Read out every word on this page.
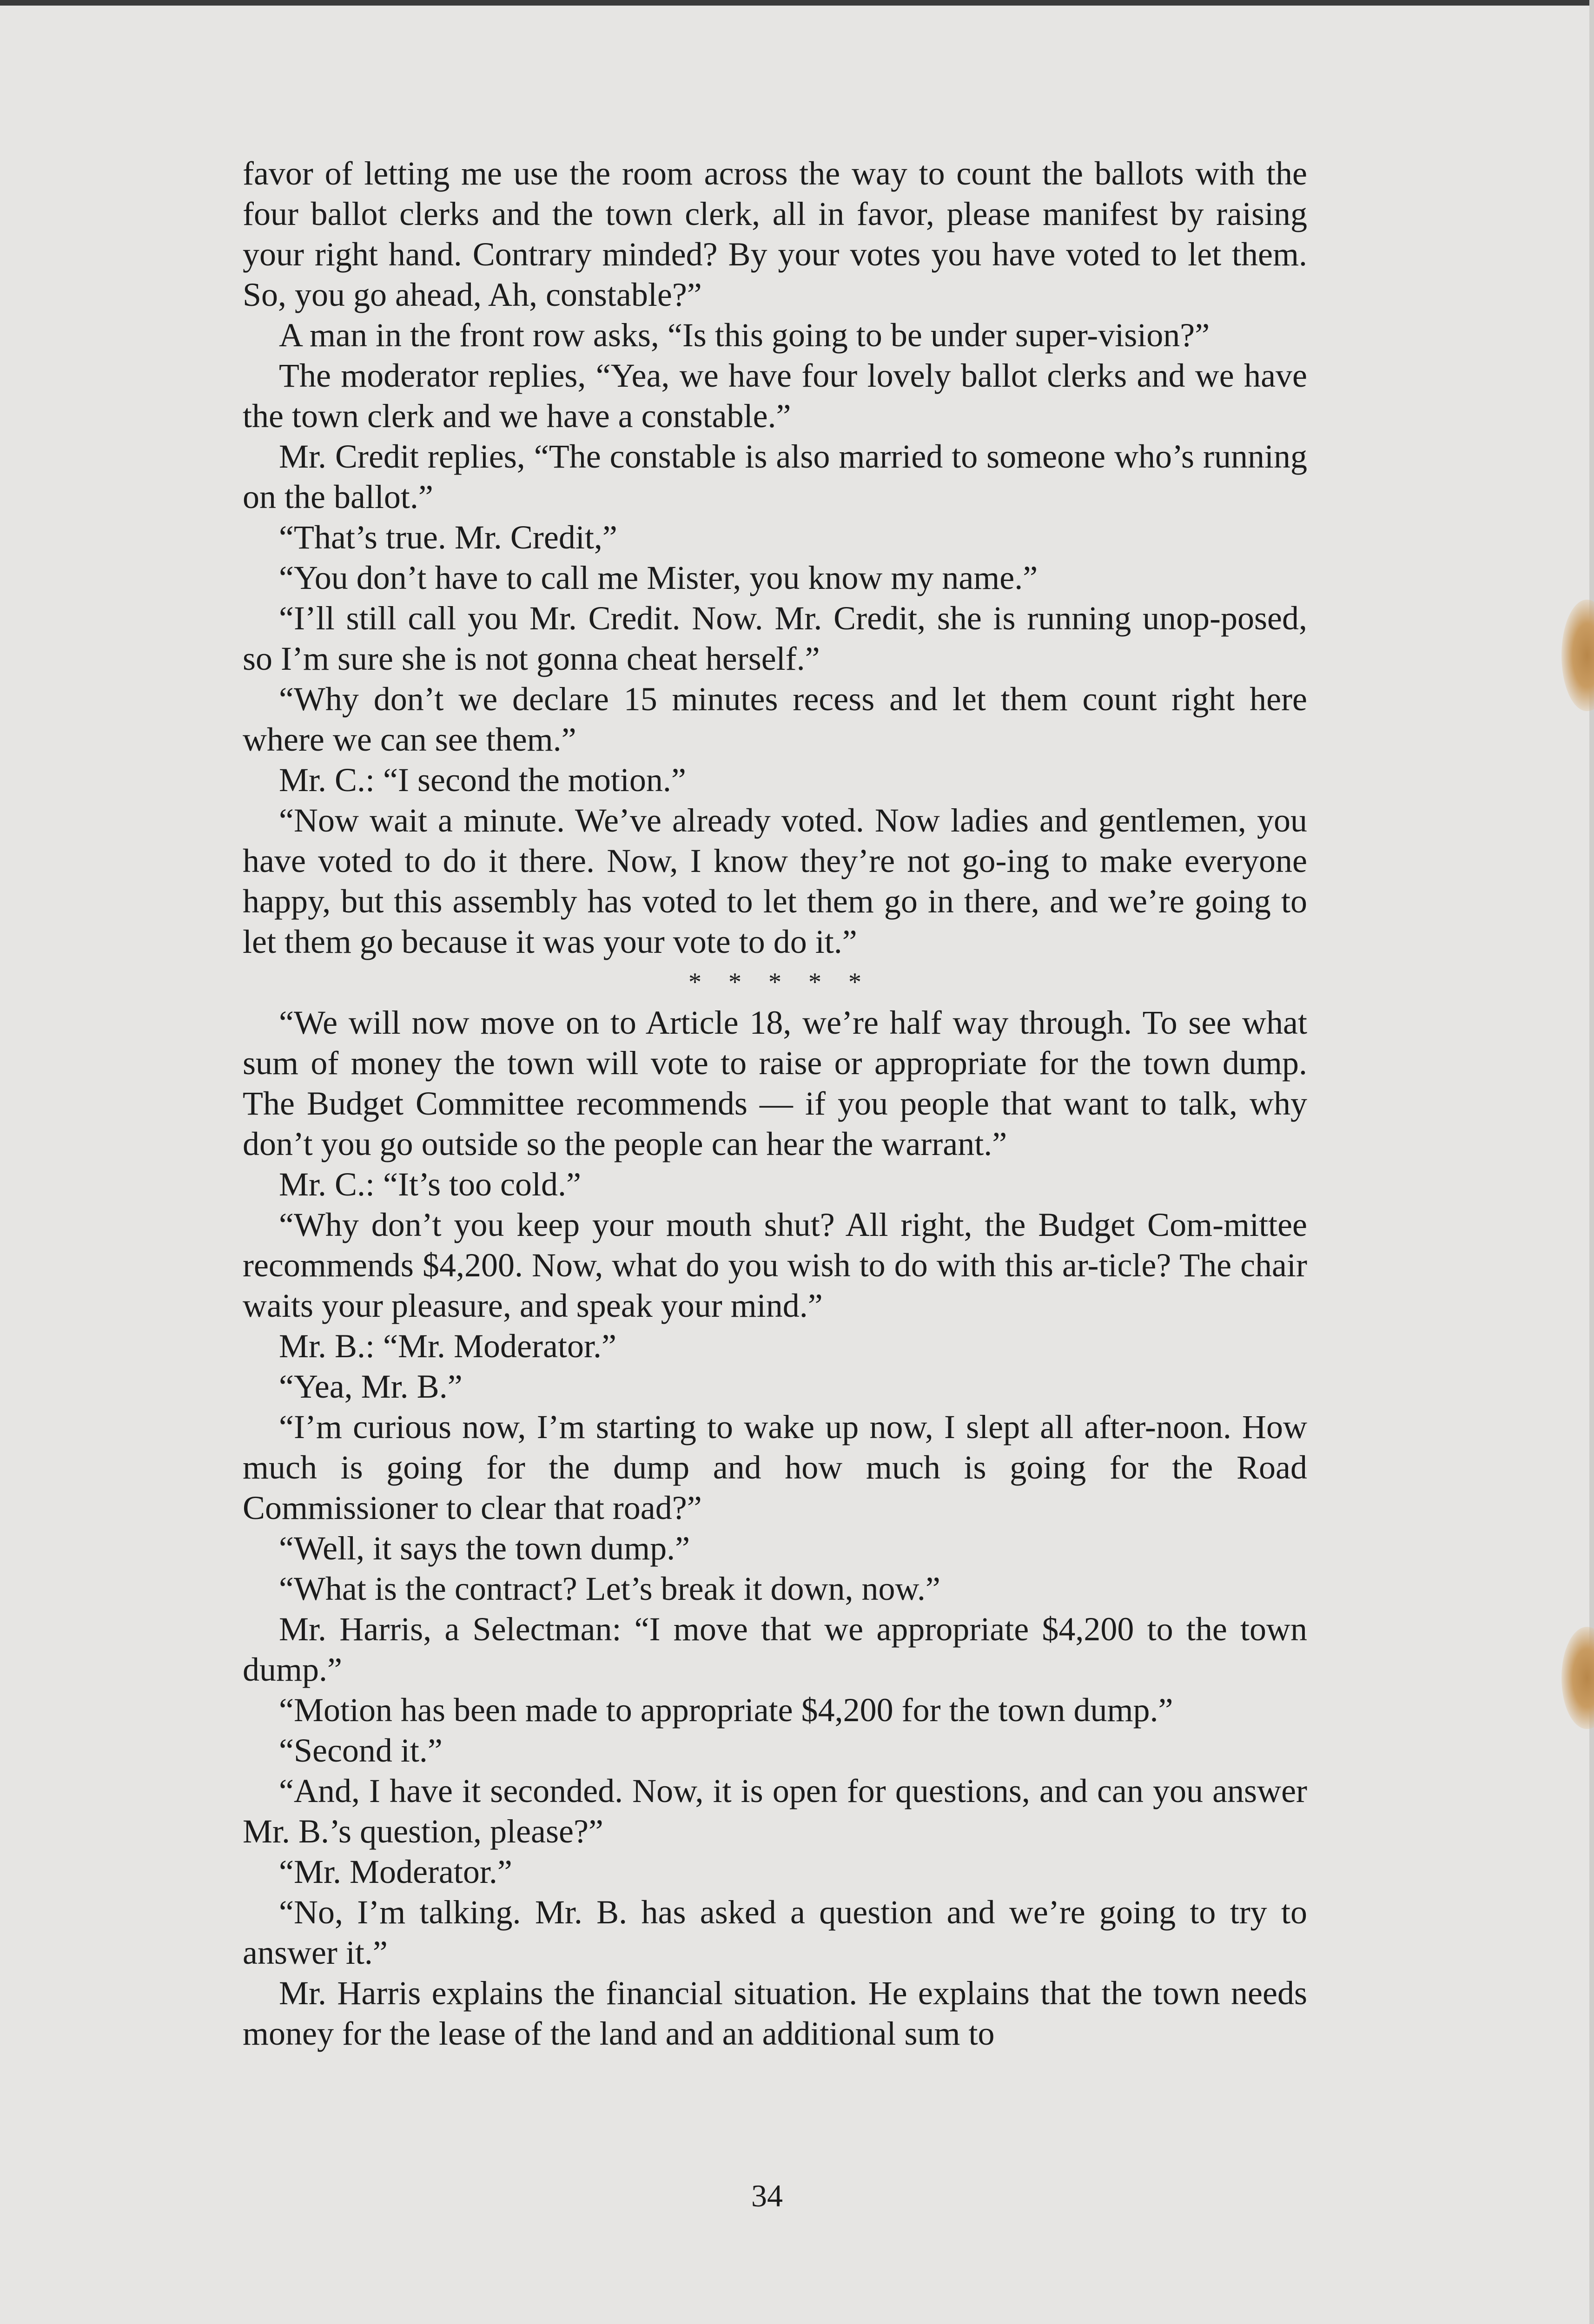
favor of letting me use the room across the way to count the ballots with the four ballot clerks and the town clerk, all in favor, please manifest by raising your right hand. Contrary minded? By your votes you have voted to let them. So, you go ahead, Ah, constable?”

A man in the front row asks, “Is this going to be under super-vision?”

The moderator replies, “Yea, we have four lovely ballot clerks and we have the town clerk and we have a constable.”

Mr. Credit replies, “The constable is also married to someone who’s running on the ballot.”

“That’s true. Mr. Credit,”

“You don’t have to call me Mister, you know my name.”

“I’ll still call you Mr. Credit. Now. Mr. Credit, she is running unop-posed, so I’m sure she is not gonna cheat herself.”

“Why don’t we declare 15 minutes recess and let them count right here where we can see them.”

Mr. C.: “I second the motion.”

“Now wait a minute. We’ve already voted. Now ladies and gentlemen, you have voted to do it there. Now, I know they’re not go-ing to make everyone happy, but this assembly has voted to let them go in there, and we’re going to let them go because it was your vote to do it.”

* * * * *

“We will now move on to Article 18, we’re half way through. To see what sum of money the town will vote to raise or appropriate for the town dump. The Budget Committee recommends — if you people that want to talk, why don’t you go outside so the people can hear the warrant.”

Mr. C.: “It’s too cold.”

“Why don’t you keep your mouth shut? All right, the Budget Com-mittee recommends $4,200. Now, what do you wish to do with this ar-ticle? The chair waits your pleasure, and speak your mind.”

Mr. B.: “Mr. Moderator.”

“Yea, Mr. B.”

“I’m curious now, I’m starting to wake up now, I slept all after-noon. How much is going for the dump and how much is going for the Road Commissioner to clear that road?”

“Well, it says the town dump.”

“What is the contract? Let’s break it down, now.”

Mr. Harris, a Selectman: “I move that we appropriate $4,200 to the town dump.”

“Motion has been made to appropriate $4,200 for the town dump.”

“Second it.”

“And, I have it seconded. Now, it is open for questions, and can you answer Mr. B.’s question, please?”

“Mr. Moderator.”

“No, I’m talking. Mr. B. has asked a question and we’re going to try to answer it.”

Mr. Harris explains the financial situation. He explains that the town needs money for the lease of the land and an additional sum to

34
